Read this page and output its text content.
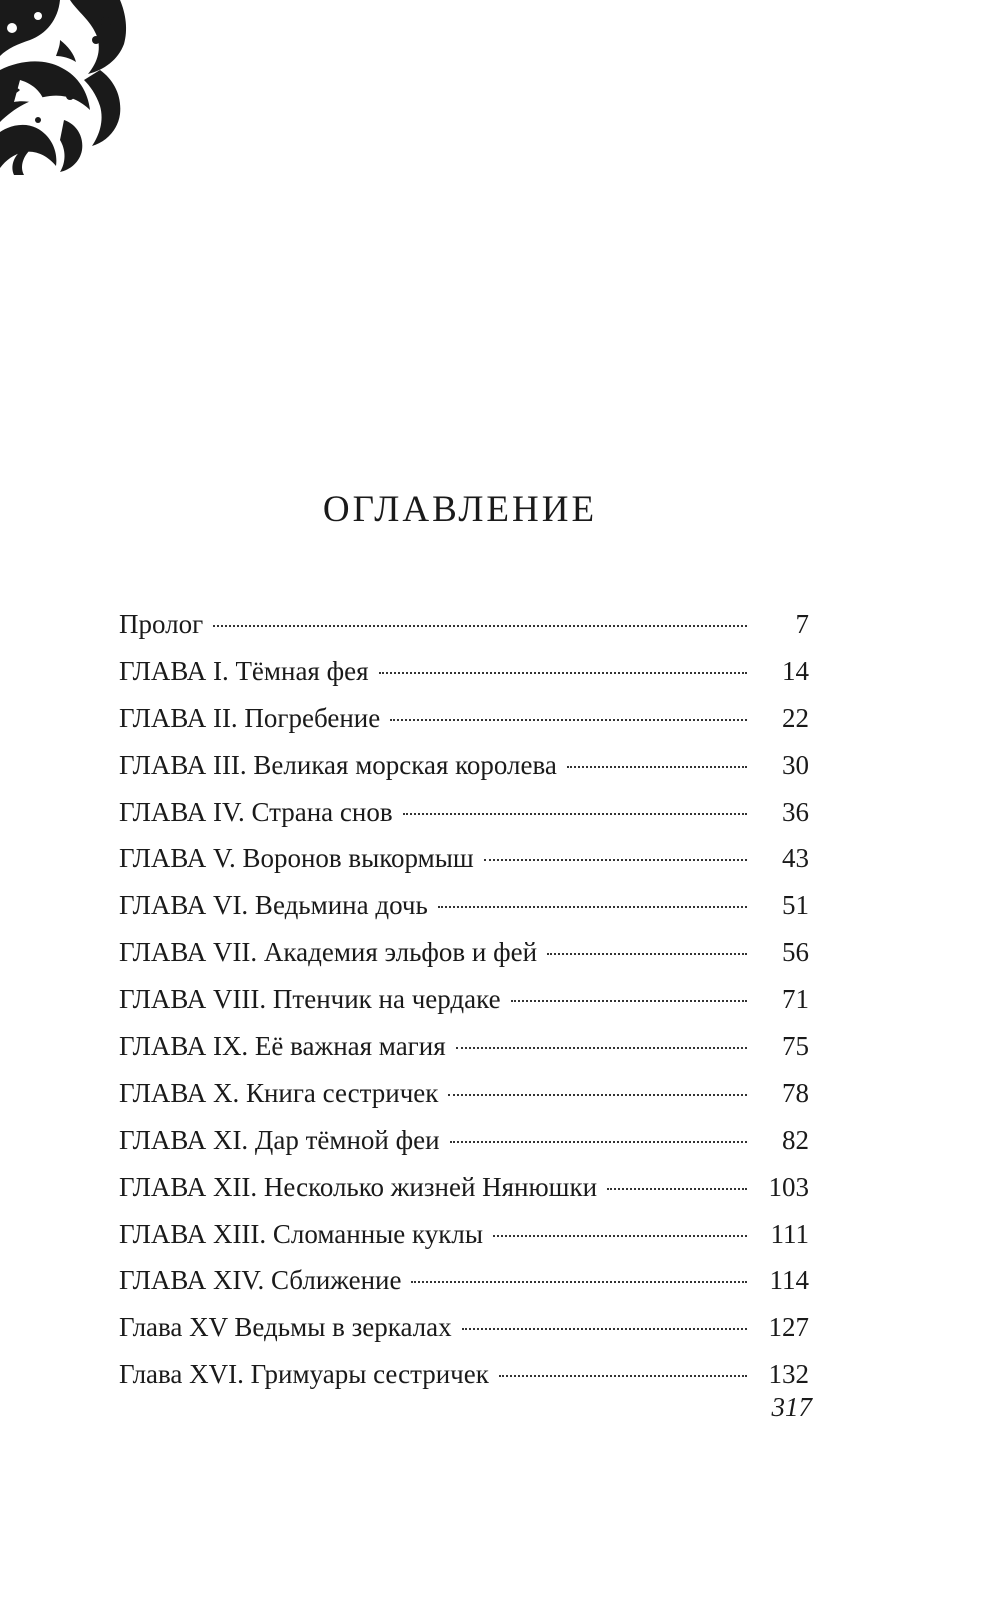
ОГЛАВЛЕНИЕ
Пролог	7
ГЛАВА I. Тёмная фея	14
ГЛАВА II. Погребение	22
ГЛАВА III. Великая морская королева	30
ГЛАВА IV. Страна снов	36
ГЛАВА V. Воронов выкормыш	43
ГЛАВА VI. Ведьмина дочь	51
ГЛАВА VII. Академия эльфов и фей	56
ГЛАВА VIII. Птенчик на чердаке	71
ГЛАВА IX. Её важная магия	75
ГЛАВА X. Книга сестричек	78
ГЛАВА XI. Дар тёмной феи	82
ГЛАВА XII. Несколько жизней Нянюшки	103
ГЛАВА XIII. Сломанные куклы	111
ГЛАВА XIV. Сближение	114
Глава XV Ведьмы в зеркалах	127
Глава XVI. Гримуары сестричек	132
317
